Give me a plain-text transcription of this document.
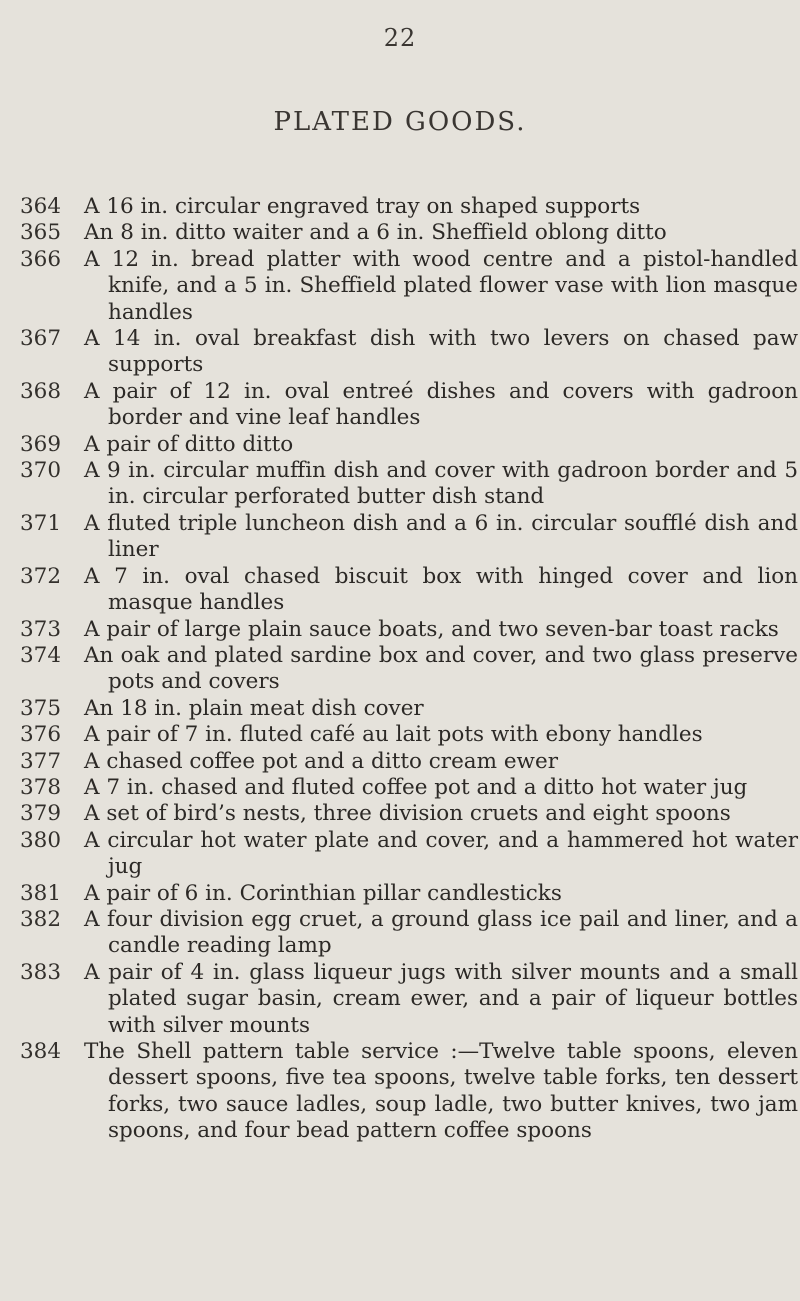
22
PLATED GOODS.
364	A 16 in. circular engraved tray on shaped supports
365	An 8 in. ditto waiter and a 6 in. Sheffield oblong ditto
366	A 12 in. bread platter with wood centre and a pistol-handled knife, and a 5 in. Sheffield plated flower vase with lion masque handles
367	A 14 in. oval breakfast dish with two levers on chased paw supports
368	A pair of 12 in. oval entreé dishes and covers with gadroon border and vine leaf handles
369	A pair of ditto ditto
370	A 9 in. circular muffin dish and cover with gadroon border and 5 in. circular perforated butter dish stand
371	A fluted triple luncheon dish and a 6 in. circular soufflé dish and liner
372	A 7 in. oval chased biscuit box with hinged cover and lion masque handles
373	A pair of large plain sauce boats, and two seven-bar toast racks
374	An oak and plated sardine box and cover, and two glass preserve pots and covers
375	An 18 in. plain meat dish cover
376	A pair of 7 in. fluted café au lait pots with ebony handles
377	A chased coffee pot and a ditto cream ewer
378	A 7 in. chased and fluted coffee pot and a ditto hot water jug
379	A set of bird’s nests, three division cruets and eight spoons
380	A circular hot water plate and cover, and a hammered hot water jug
381	A pair of 6 in. Corinthian pillar candlesticks
382	A four division egg cruet, a ground glass ice pail and liner, and a candle reading lamp
383	A pair of 4 in. glass liqueur jugs with silver mounts and a small plated sugar basin, cream ewer, and a pair of liqueur bottles with silver mounts
384	The Shell pattern table service :—Twelve table spoons, eleven dessert spoons, five tea spoons, twelve table forks, ten dessert forks, two sauce ladles, soup ladle, two butter knives, two jam spoons, and four bead pattern coffee spoons
